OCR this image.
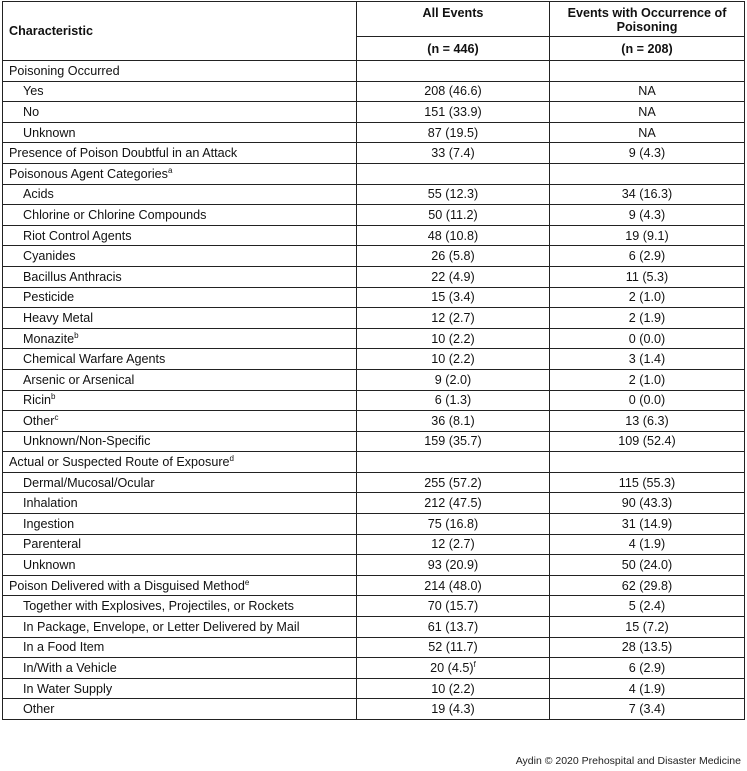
Characteristic	All Events	Events with Occurrence of Poisoning
	(n = 446)	(n = 208)
Poisoning Occurred		
Yes	208 (46.6)	NA
No	151 (33.9)	NA
Unknown	87 (19.5)	NA
Presence of Poison Doubtful in an Attack	33 (7.4)	9 (4.3)
Poisonous Agent Categories$^a$		
Acids	55 (12.3)	34 (16.3)
Chlorine or Chlorine Compounds	50 (11.2)	9 (4.3)
Riot Control Agents	48 (10.8)	19 (9.1)
Cyanides	26 (5.8)	6 (2.9)
Bacillus Anthracis	22 (4.9)	11 (5.3)
Pesticide	15 (3.4)	2 (1.0)
Heavy Metal	12 (2.7)	2 (1.9)
Monazite$^b$	10 (2.2)	0 (0.0)
Chemical Warfare Agents	10 (2.2)	3 (1.4)
Arsenic or Arsenical	9 (2.0)	2 (1.0)
Ricin$^b$	6 (1.3)	0 (0.0)
Other$^c$	36 (8.1)	13 (6.3)
Unknown/Non-Specific	159 (35.7)	109 (52.4)
Actual or Suspected Route of Exposure$^d$		
Dermal/Mucosal/Ocular	255 (57.2)	115 (55.3)
Inhalation	212 (47.5)	90 (43.3)
Ingestion	75 (16.8)	31 (14.9)
Parenteral	12 (2.7)	4 (1.9)
Unknown	93 (20.9)	50 (24.0)
Poison Delivered with a Disguised Method$^e$	214 (48.0)	62 (29.8)
Together with Explosives, Projectiles, or Rockets	70 (15.7)	5 (2.4)
In Package, Envelope, or Letter Delivered by Mail	61 (13.7)	15 (7.2)
In a Food Item	52 (11.7)	28 (13.5)
In/With a Vehicle	20 $(4.5)^f$	6 (2.9)
In Water Supply	10 (2.2)	4 (1.9)
Other	19 (4.3)	7 (3.4)
Aydin © 2020 Prehospital and Disaster Medicine
